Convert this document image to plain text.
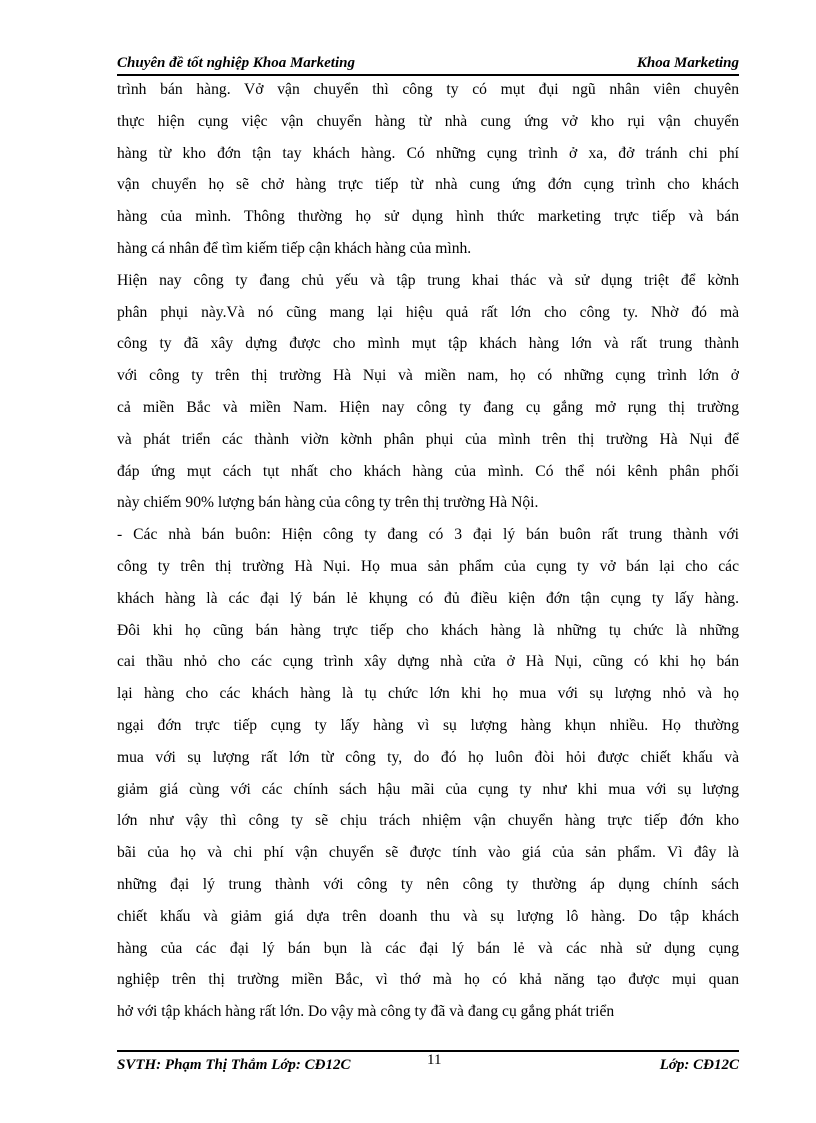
Chuyên đề tốt nghiệp Khoa Marketing	Khoa Marketing
trình bán hàng. Vở vận chuyển thì công ty có mụt đụi ngũ nhân viên chuyên
thực hiện cụng việc vận chuyển hàng từ nhà cung ứng vở kho rụi vận chuyển
hàng từ kho đớn tận tay khách hàng. Có những cụng trình ở xa, đở tránh chi phí
vận chuyển họ sẽ chở hàng trực tiếp từ nhà cung ứng đớn cụng trình cho khách
hàng của mình. Thông thường họ sử dụng hình thức marketing trực tiếp và bán
hàng cá nhân để tìm kiếm tiếp cận khách hàng của mình.
Hiện nay công ty đang chủ yếu và tập trung khai thác và sử dụng triệt để kờnh
phân phụi này.Và nó cũng mang lại hiệu quả rất lớn cho công ty. Nhờ đó mà
công ty đã xây dựng được cho mình mụt tập khách hàng lớn và rất trung thành
với công ty trên thị trường Hà Nụi và miền nam, họ có những cụng trình lớn ở
cả miền Bắc và miền Nam. Hiện nay công ty đang cụ gắng mở rụng thị trường
và phát triển các thành viờn kờnh phân phụi của mình trên thị trường Hà Nụi để
đáp ứng mụt cách tụt nhất cho khách hàng của mình. Có thể nói kênh phân phối
này chiếm 90% lượng bán hàng của công ty trên thị trường Hà Nội.
- Các nhà bán buôn: Hiện công ty đang có 3 đại lý bán buôn rất trung thành với
công ty trên thị trường Hà Nụi. Họ mua sản phẩm của cụng ty vở bán lại cho các
khách hàng là các đại lý bán lẻ khụng có đủ điều kiện đớn tận cụng ty lấy hàng.
Đôi khi họ cũng bán hàng trực tiếp cho khách hàng là những tụ chức là những
cai thầu nhỏ cho các cụng trình xây dựng nhà cửa ở Hà Nụi, cũng có khi họ bán
lại hàng cho các khách hàng là tụ chức lớn khi họ mua với sụ lượng nhỏ và họ
ngại đớn trực tiếp cụng ty lấy hàng vì sụ lượng hàng khụn nhiều. Họ thường
mua với sụ lượng rất lớn từ công ty, do đó họ luôn đòi hỏi được chiết khấu và
giảm giá cùng với các chính sách hậu mãi của cụng ty như khi mua với sụ lượng
lớn như vậy thì công ty sẽ chịu trách nhiệm vận chuyển hàng trực tiếp đớn kho
bãi của họ và chi phí vận chuyển sẽ được tính vào giá của sản phẩm. Vì đây là
những đại lý trung thành với công ty nên công ty thường áp dụng chính sách
chiết khấu và giảm giá dựa trên doanh thu và sụ lượng lô hàng. Do tập khách
hàng của các đại lý bán bụn là các đại lý bán lẻ và các nhà sử dụng cụng
nghiệp trên thị trường miền Bắc, vì thớ mà họ có khả năng tạo được mụi quan
hở với tập khách hàng rất lớn. Do vậy mà công ty đã và đang cụ gắng phát triển
SVTH: Phạm Thị Thắm Lớp: CĐ12C	11	Lớp: CĐ12C
